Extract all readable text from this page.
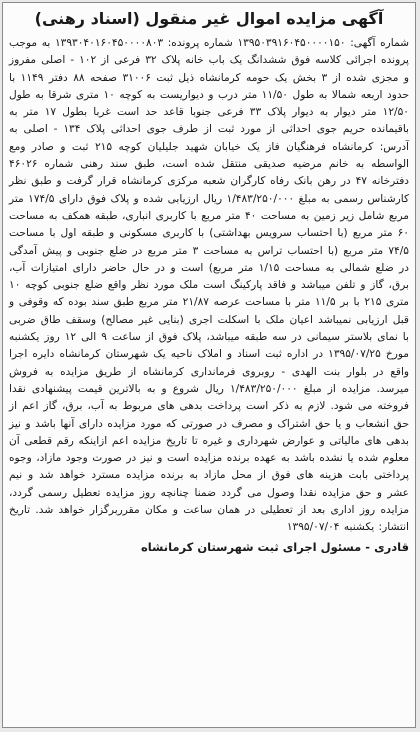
آگهی مزایده اموال غیر منقول (اسناد رهنی)

شماره آگهی: ۱۳۹۵۰۳۹۱۶۰۴۵۰۰۰۰۱۵۰ شماره پرونده: ۱۳۹۳۰۴۰۱۶۰۴۵۰۰۰۰۸۰۳ به موجب پرونده اجرائی کلاسه فوق ششدانگ یک باب خانه پلاک ۳۲ فرعی از ۱۰۲ - اصلی مفروز و مجزی شده از ۳ بخش یک حومه کرمانشاه ذیل ثبت ۳۱۰۰۶ صفحه ۸۸ دفتر ۱۱۴۹ با حدود اربعه شمالا به طول ۱۱/۵۰ متر درب و دیواریست به کوچه ۱۰ متری شرقا به طول ۱۲/۵۰ متر دیوار به دیوار پلاک ۳۳ فرعی جنوبا قاعد حد است غربا بطول ۱۷ متر به باقیمانده حریم جوی احداثی از مورد ثبت از طرف جوی احداثی پلاک ۱۳۴ - اصلی به آدرس: کرمانشاه فرهنگیان فاز یک خیابان شهید جلیلیان کوچه ۲۱۵ ثبت و صادر ومع الواسطه به خانم مرضیه صدیقی منتقل شده است، طبق سند رهنی شماره ۴۶۰۲۶ دفترخانه ۴۷ در رهن بانک رفاه کارگران شعبه مرکزی کرمانشاه قرار گرفت و طبق نظر کارشناس رسمی به مبلغ ۱/۴۸۳/۲۵۰/۰۰۰ ریال ارزیابی شده و پلاک فوق دارای ۱۷۴/۵ متر مربع شامل زیر زمین به مساحت ۴۰ متر مربع با کاربری انباری، طبقه همکف به مساحت ۶۰ متر مربع (با احتساب سرویس بهداشتی) با کاربری مسکونی و طبقه اول با مساحت ۷۴/۵ متر مربع (با احتساب تراس به مساحت ۳ متر مربع در ضلع جنوبی و پیش آمدگی در ضلع شمالی به مساحت ۱/۱۵ متر مربع) است و در حال حاضر دارای امتیازات آب، برق، گاز و تلفن میباشد و فاقد پارکینگ است ملک مورد نظر واقع ضلع جنوبی کوچه ۱۰ متری ۲۱۵ با بر ۱۱/۵ متر با مساحت عرصه ۲۱/۸۷ متر مربع طبق سند بوده که وقوفی و قبل ارزیابی نمیباشد اعیان ملک با اسکلت اجری (بنایی غیر مصالح) وسقف طاق ضربی با نمای بلاستر سیمانی در سه طبقه میباشد، پلاک فوق از ساعت ۹ الی ۱۲ روز یکشنبه مورخ ۱۳۹۵/۰۷/۲۵ در اداره ثبت اسناد و املاک ناحیه یک شهرستان کرمانشاه دایره اجرا واقع در بلوار بنت الهدی - روبروی فرمانداری کرمانشاه از طریق مزایده به فروش میرسد. مزایده از مبلغ ۱/۴۸۳/۲۵۰/۰۰۰ ریال شروع و به بالاترین قیمت پیشنهادی نقدا فروخته می شود. لازم به ذکر است پرداخت بدهی های مربوط به آب، برق، گاز اعم از حق انشعاب و یا حق اشتراک و مصرف در صورتی که مورد مزایده دارای آنها باشد و نیز بدهی های مالیاتی و عوارض شهرداری و غیره تا تاریخ مزایده اعم ازاینکه رقم قطعی آن معلوم شده یا نشده باشد به عهده برنده مزایده است و نیز در صورت وجود مازاد، وجوه پرداختی بابت هزینه های فوق از محل مازاد به برنده مزایده مسترد خواهد شد و نیم عشر و حق مزایده نقدا وصول می گردد ضمنا چنانچه روز مزایده تعطیل رسمی گردد، مزایده روز اداری بعد از تعطیلی در همان ساعت و مکان مقرربرگزار خواهد شد. تاریخ انتشار: یکشنبه ۱۳۹۵/۰۷/۰۴

قادری - مسئول اجرای ثبت شهرستان کرمانشاه
